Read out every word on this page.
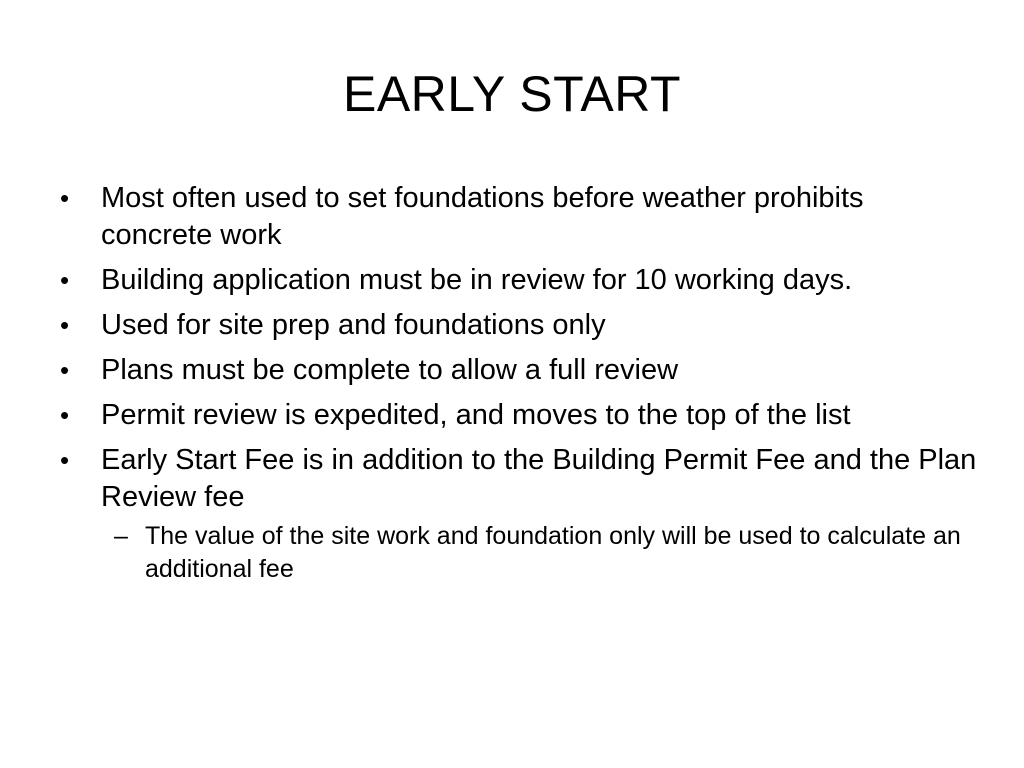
EARLY START
•	Most often used to set foundations before weather prohibits concrete work
•	Building application must be in review for 10 working days.
•	Used for site prep and foundations only
•	Plans must be complete to allow a full review
•	Permit review is expedited, and moves to the top of the list
•	Early Start Fee is in addition to the Building Permit Fee and the Plan Review fee
– The value of the site work and foundation only will be used to calculate an additional fee
